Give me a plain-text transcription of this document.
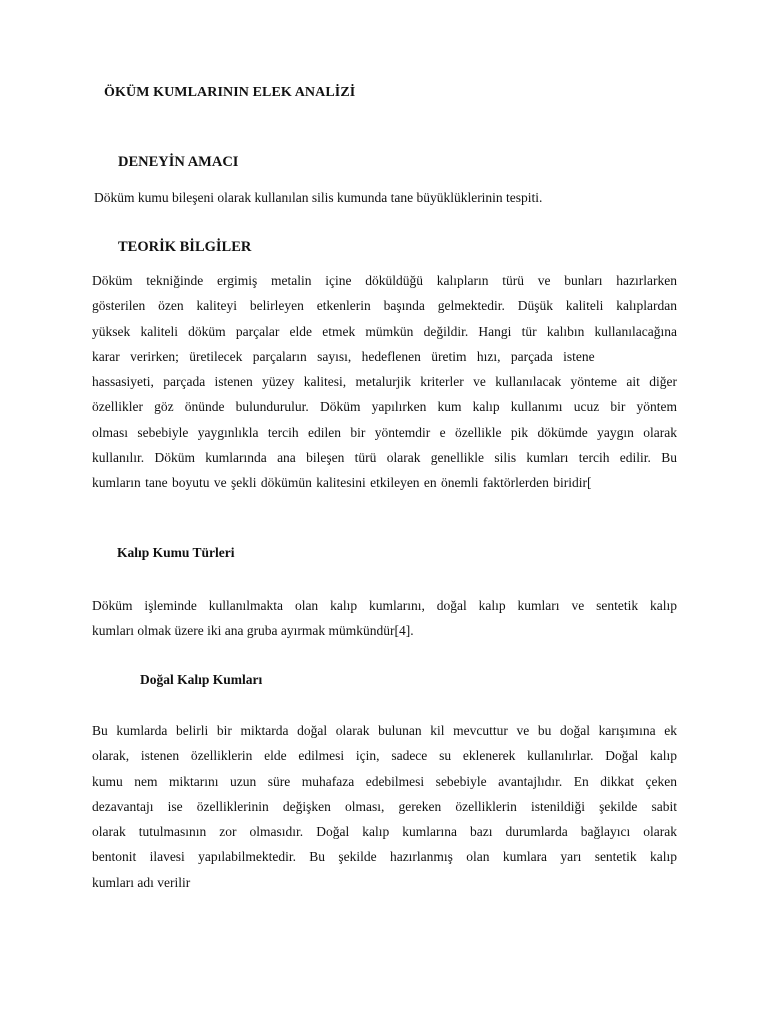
ÖKÜM KUMLARININ ELEK ANALİZİ
DENEYİN AMACI
Döküm kumu bileşeni olarak kullanılan silis kumunda tane büyüklüklerinin tespiti.
TEORİK BİLGİLER
Döküm tekniğinde ergimiş metalin içine döküldüğü kalıpların türü ve bunları hazırlarken
gösterilen özen kaliteyi belirleyen etkenlerin başında gelmektedir. Düşük kaliteli kalıplardan
yüksek kaliteli döküm parçalar elde etmek mümkün değildir. Hangi tür kalıbın kullanılacağına
karar verirken; üretilecek parçaların sayısı, hedeflenen üretim hızı, parçada istene
hassasiyeti, parçada istenen yüzey kalitesi, metalurjik kriterler ve kullanılacak yönteme ait diğer
özellikler göz önünde bulundurulur. Döküm yapılırken kum kalıp kullanımı ucuz bir yöntem
olması sebebiyle yaygınlıkla tercih edilen bir yöntemdir e özellikle pik dökümde yaygın olarak
kullanılır. Döküm kumlarında ana bileşen türü olarak genellikle silis kumları tercih edilir. Bu
kumların tane boyutu ve şekli dökümün kalitesini etkileyen en önemli faktörlerden biridir[
Kalıp Kumu Türleri
Döküm işleminde kullanılmakta olan kalıp kumlarını, doğal kalıp kumları ve sentetik kalıp
kumları olmak üzere iki ana gruba ayırmak mümkündür[4].
Doğal Kalıp Kumları
Bu kumlarda belirli bir miktarda doğal olarak bulunan kil mevcuttur ve bu doğal karışımına ek
olarak, istenen özelliklerin elde edilmesi için, sadece su eklenerek kullanılırlar. Doğal kalıp
kumu nem miktarını uzun süre muhafaza edebilmesi sebebiyle avantajlıdır. En dikkat çeken
dezavantajı ise özelliklerinin değişken olması, gereken özelliklerin istenildiği şekilde sabit
olarak tutulmasının zor olmasıdır. Doğal kalıp kumlarına bazı durumlarda bağlayıcı olarak
bentonit ilavesi yapılabilmektedir. Bu şekilde hazırlanmış olan kumlara yarı sentetik kalıp
kumları adı verilir
